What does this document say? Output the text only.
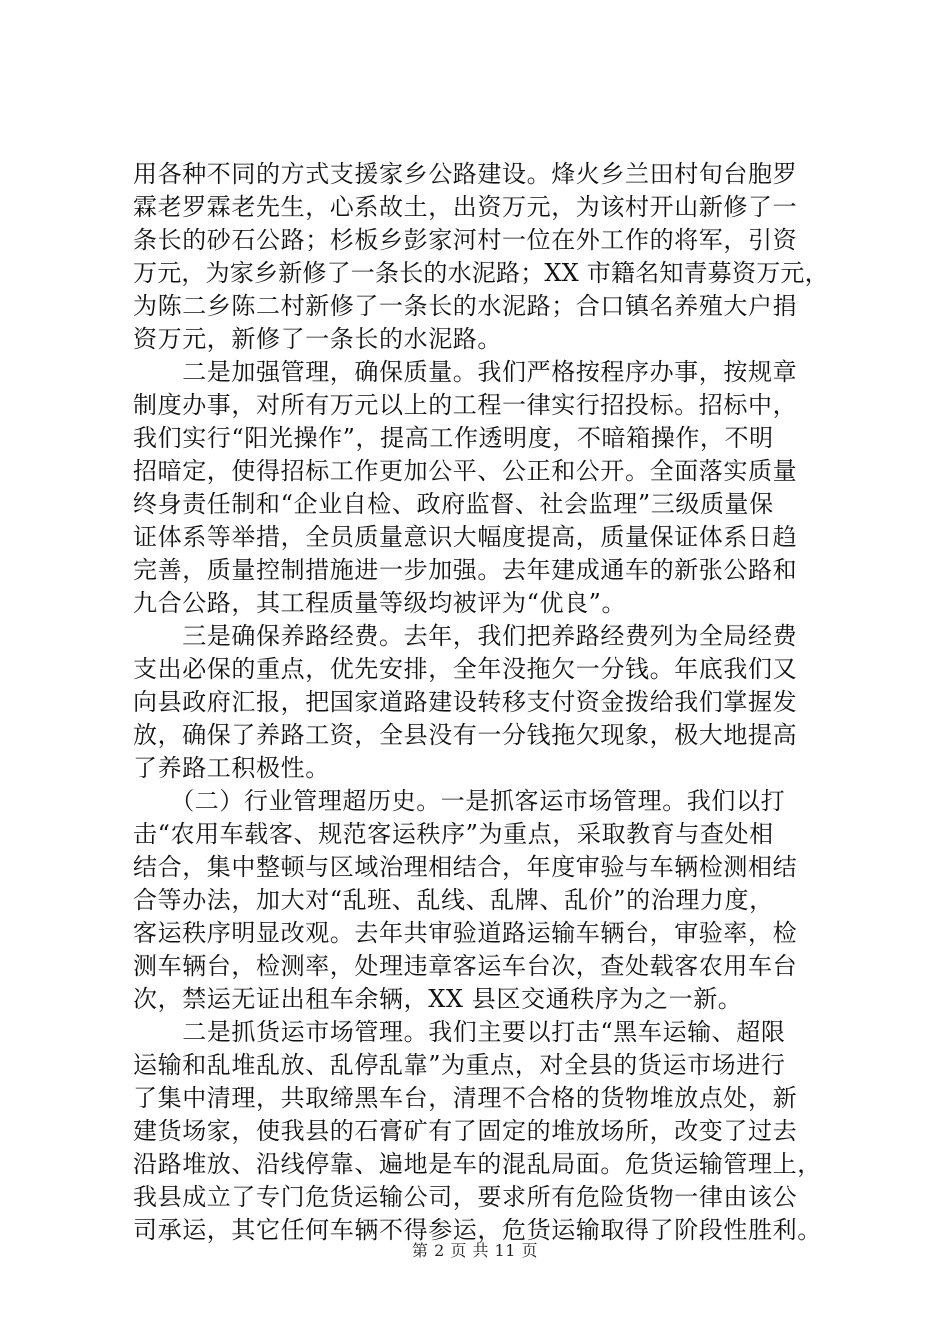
用各种不同的方式支援家乡公路建设。烽火乡兰田村旬台胞罗
霖老罗霖老先生，心系故土，出资万元，为该村开山新修了一
条长的砂石公路；杉板乡彭家河村一位在外工作的将军，引资
万元，为家乡新修了一条长的水泥路；XX 市籍名知青募资万元，
为陈二乡陈二村新修了一条长的水泥路；合口镇名养殖大户捐
资万元，新修了一条长的水泥路。
　　二是加强管理，确保质量。我们严格按程序办事，按规章
制度办事，对所有万元以上的工程一律实行招投标。招标中，
我们实行“阳光操作”，提高工作透明度，不暗箱操作，不明
招暗定，使得招标工作更加公平、公正和公开。全面落实质量
终身责任制和“企业自检、政府监督、社会监理”三级质量保
证体系等举措，全员质量意识大幅度提高，质量保证体系日趋
完善，质量控制措施进一步加强。去年建成通车的新张公路和
九合公路，其工程质量等级均被评为“优良”。
　　三是确保养路经费。去年，我们把养路经费列为全局经费
支出必保的重点，优先安排，全年没拖欠一分钱。年底我们又
向县政府汇报，把国家道路建设转移支付资金拨给我们掌握发
放，确保了养路工资，全县没有一分钱拖欠现象，极大地提高
了养路工积极性。
　　（二）行业管理超历史。一是抓客运市场管理。我们以打
击“农用车载客、规范客运秩序”为重点，采取教育与查处相
结合，集中整顿与区域治理相结合，年度审验与车辆检测相结
合等办法，加大对“乱班、乱线、乱牌、乱价”的治理力度，
客运秩序明显改观。去年共审验道路运输车辆台，审验率，检
测车辆台，检测率，处理违章客运车台次，查处载客农用车台
次，禁运无证出租车余辆，XX 县区交通秩序为之一新。
　　二是抓货运市场管理。我们主要以打击“黑车运输、超限
运输和乱堆乱放、乱停乱靠”为重点，对全县的货运市场进行
了集中清理，共取缔黑车台，清理不合格的货物堆放点处，新
建货场家，使我县的石膏矿有了固定的堆放场所，改变了过去
沿路堆放、沿线停靠、遍地是车的混乱局面。危货运输管理上，
我县成立了专门危货运输公司，要求所有危险货物一律由该公
司承运，其它任何车辆不得参运，危货运输取得了阶段性胜利。
第 2 页 共 11 页
